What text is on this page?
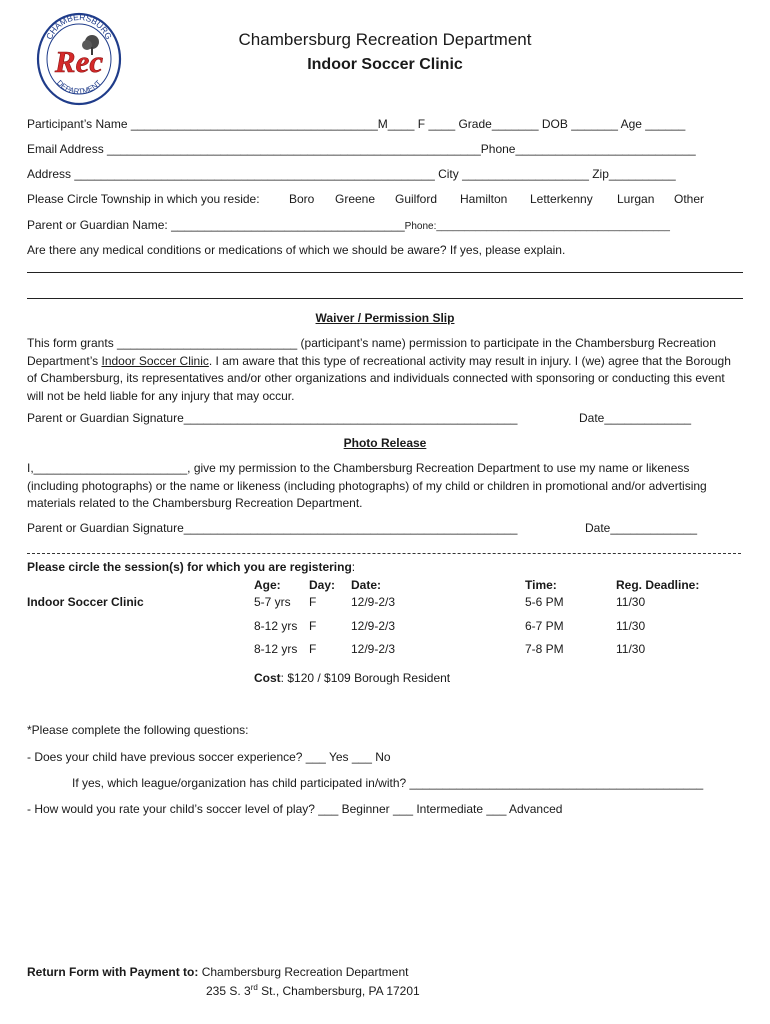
CHAMBERSBURG
DEPARTMENT
Rec
Chambersburg Recreation Department
Indoor Soccer Clinic
Participant’s Name _____________________________________M____ F ____ Grade_______ DOB _______ Age ______
Email Address ________________________________________________________Phone___________________________
Address ______________________________________________________ City ___________________ Zip__________
Please Circle Township in which you reside: Boro Greene Guilford Hamilton Letterkenny Lurgan Other
Parent or Guardian Name: ___________________________________Phone:__________________________________________
Are there any medical conditions or medications of which we should be aware? If yes, please explain.
Waiver / Permission Slip
This form grants ___________________________ (participant’s name) permission to participate in the Chambersburg Recreation Department’s Indoor Soccer Clinic. I am aware that this type of recreational activity may result in injury. I (we) agree that the Borough of Chambersburg, its representatives and/or other organizations and individuals connected with sponsoring or conducting this event will not be held liable for any injury that may occur.
Parent or Guardian Signature__________________________________________________	Date_____________
Photo Release
I,_______________________, give my permission to the Chambersburg Recreation Department to use my name or likeness (including photographs) or the name or likeness (including photographs) of my child or children in promotional and/or advertising materials related to the Chambersburg Recreation Department.
Parent or Guardian Signature__________________________________________________	Date_____________
Please circle the session(s) for which you are registering:
Age: Day: Date:	Time:	Reg. Deadline:
Indoor Soccer Clinic	5-7 yrs F	12/9-2/3	5-6 PM	11/30
8-12 yrs F	12/9-2/3	6-7 PM	11/30
8-12 yrs F	12/9-2/3	7-8 PM	11/30
Cost: $120 / $109 Borough Resident
*Please complete the following questions:
- Does your child have previous soccer experience? ___ Yes ___ No
If yes, which league/organization has child participated in/with? ____________________________________________
- How would you rate your child’s soccer level of play? ___ Beginner ___ Intermediate ___ Advanced
Return Form with Payment to: Chambersburg Recreation Department
235 S. 3rd St., Chambersburg, PA 17201
